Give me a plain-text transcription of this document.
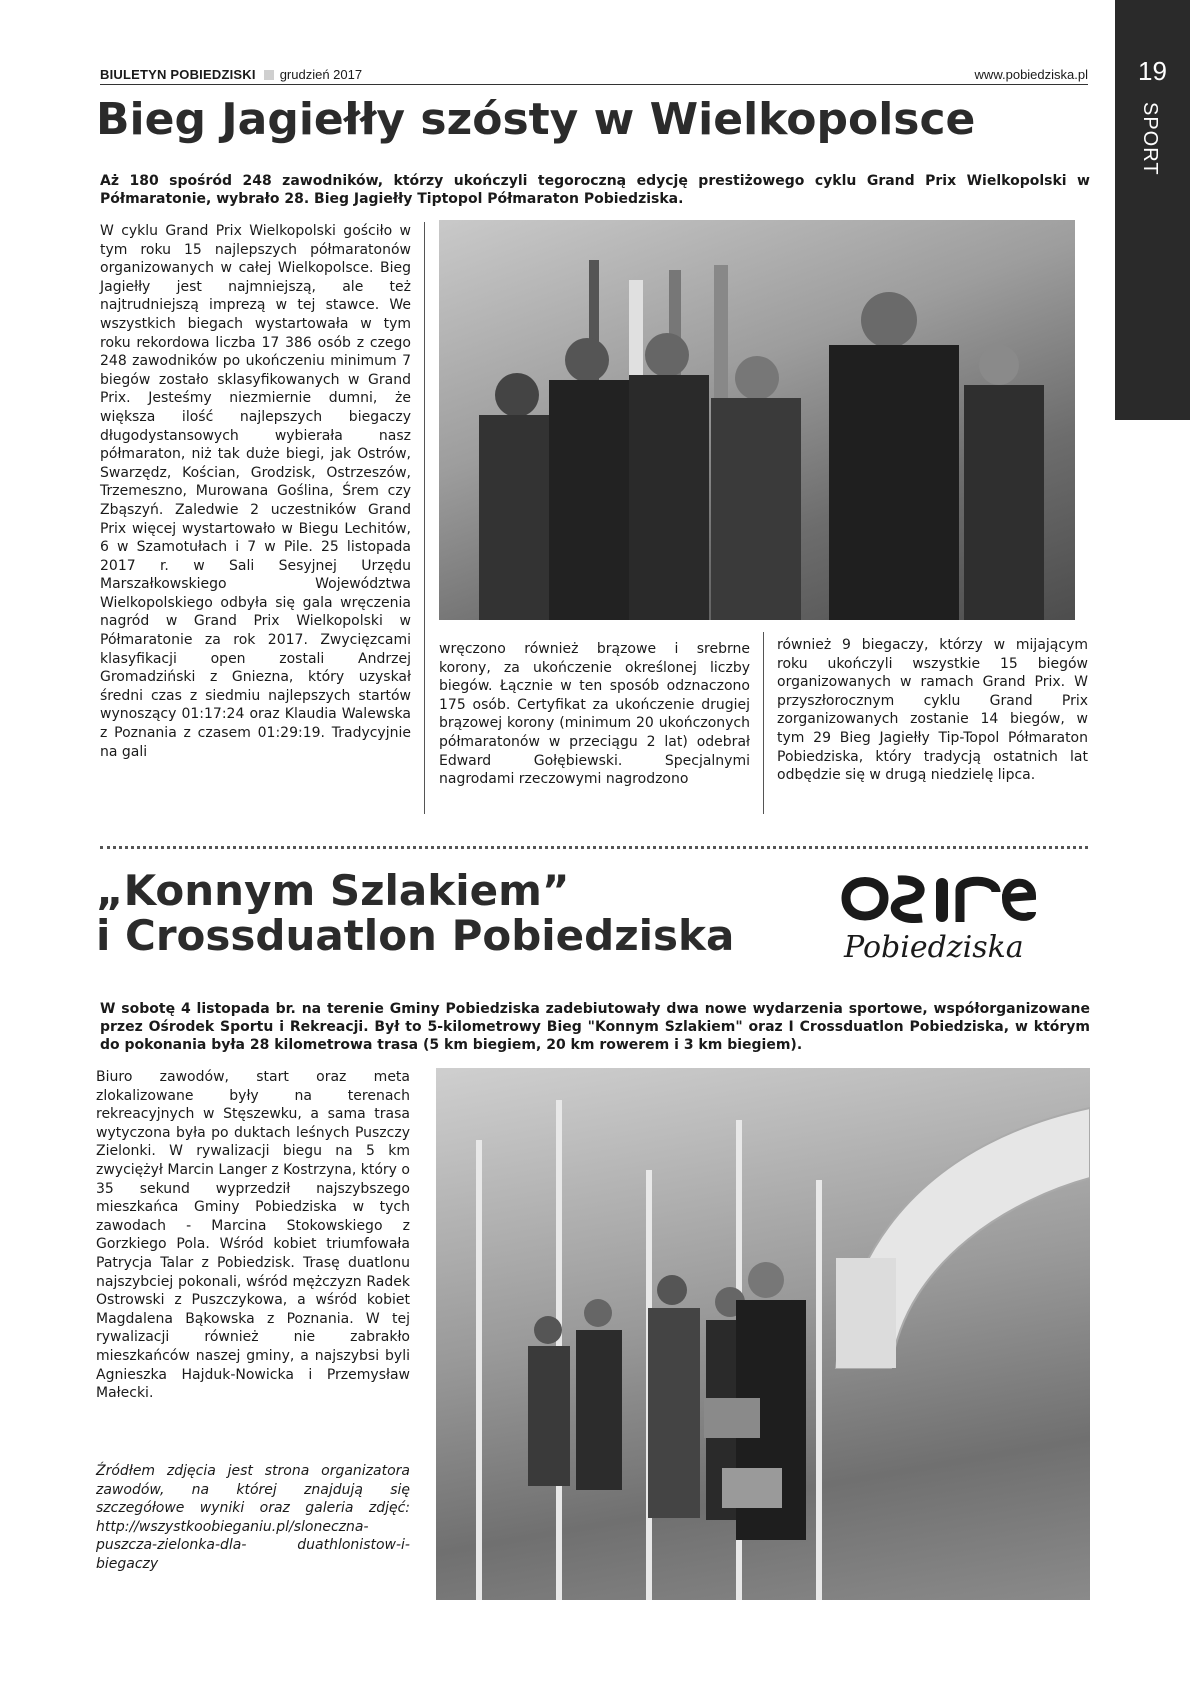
BIULETYN POBIEDZISKI grudzień 2017	www.pobiedziska.pl	19
SPORT
Bieg Jagiełły szósty w Wielkopolsce

Aż 180 spośród 248 zawodników, którzy ukończyli tegoroczną edycję prestiżowego cyklu Grand Prix Wielkopolski w Półmaratonie, wybrało 28. Bieg Jagiełły Tiptopol Półmaraton Pobiedziska.

W cyklu Grand Prix Wielkopolski gościło w tym roku 15 najlepszych półmaratonów organizowanych w całej Wielkopolsce. Bieg Jagiełły jest najmniejszą, ale też najtrudniejszą imprezą w tej stawce. We wszystkich biegach wystartowała w tym roku rekordowa liczba 17 386 osób z czego 248 zawodników po ukończeniu minimum 7 biegów zostało sklasyfikowanych w Grand Prix. Jesteśmy niezmiernie dumni, że większa ilość najlepszych biegaczy długodystansowych wybierała nasz półmaraton, niż tak duże biegi, jak Ostrów, Swarzędz, Kościan, Grodzisk, Ostrzeszów, Trzemeszno, Murowana Goślina, Śrem czy Zbąszyń. Zaledwie 2 uczestników Grand Prix więcej wystartowało w Biegu Lechitów, 6 w Szamotułach i 7 w Pile. 25 listopada 2017 r. w Sali Sesyjnej Urzędu Marszałkowskiego Województwa Wielkopolskiego odbyła się gala wręczenia nagród w Grand Prix Wielkopolski w Półmaratonie za rok 2017. Zwycięzcami klasyfikacji open zostali Andrzej Gromadziński z Gniezna, który uzyskał średni czas z siedmiu najlepszych startów wynoszący 01:17:24 oraz Klaudia Walewska z Poznania z czasem 01:29:19. Tradycyjnie na gali

wręczono również brązowe i srebrne korony, za ukończenie określonej liczby biegów. Łącznie w ten sposób odznaczono 175 osób. Certyfikat za ukończenie drugiej brązowej korony (minimum 20 ukończonych półmaratonów w przeciągu 2 lat) odebrał Edward Gołębiewski. Specjalnymi nagrodami rzeczowymi nagrodzono

również 9 biegaczy, którzy w mijającym roku ukończyli wszystkie 15 biegów organizowanych w ramach Grand Prix. W przyszłorocznym cyklu Grand Prix zorganizowanych zostanie 14 biegów, w tym 29 Bieg Jagiełły Tip-Topol Półmaraton Pobiedziska, który tradycją ostatnich lat odbędzie się w drugą niedzielę lipca.

„Konnym Szlakiem”
i Crossduatlon Pobiedziska	Pobiedziska

W sobotę 4 listopada br. na terenie Gminy Pobiedziska zadebiutowały dwa nowe wydarzenia sportowe, współorganizowane przez Ośrodek Sportu i Rekreacji. Był to 5-kilometrowy Bieg "Konnym Szlakiem" oraz I Crossduatlon Pobiedziska, w którym do pokonania była 28 kilometrowa trasa (5 km biegiem, 20 km rowerem i 3 km biegiem).

Biuro zawodów, start oraz meta zlokalizowane były na terenach rekreacyjnych w Stęszewku, a sama trasa wytyczona była po duktach leśnych Puszczy Zielonki. W rywalizacji biegu na 5 km zwyciężył Marcin Langer z Kostrzyna, który o 35 sekund wyprzedził najszybszego mieszkańca Gminy Pobiedziska w tych zawodach - Marcina Stokowskiego z Gorzkiego Pola. Wśród kobiet triumfowała Patrycja Talar z Pobiedzisk. Trasę duatlonu najszybciej pokonali, wśród mężczyzn Radek Ostrowski z Puszczykowa, a wśród kobiet Magdalena Bąkowska z Poznania. W tej rywalizacji również nie zabrakło mieszkańców naszej gminy, a najszybsi byli Agnieszka Hajduk-Nowicka i Przemysław Małecki.

Źródłem zdjęcia jest strona organizatora zawodów, na której znajdują się szczegółowe wyniki oraz galeria zdjęć: http://wszystkoobieganiu.pl/sloneczna-puszcza-zielonka-dla- duathlonistow-i-biegaczy
